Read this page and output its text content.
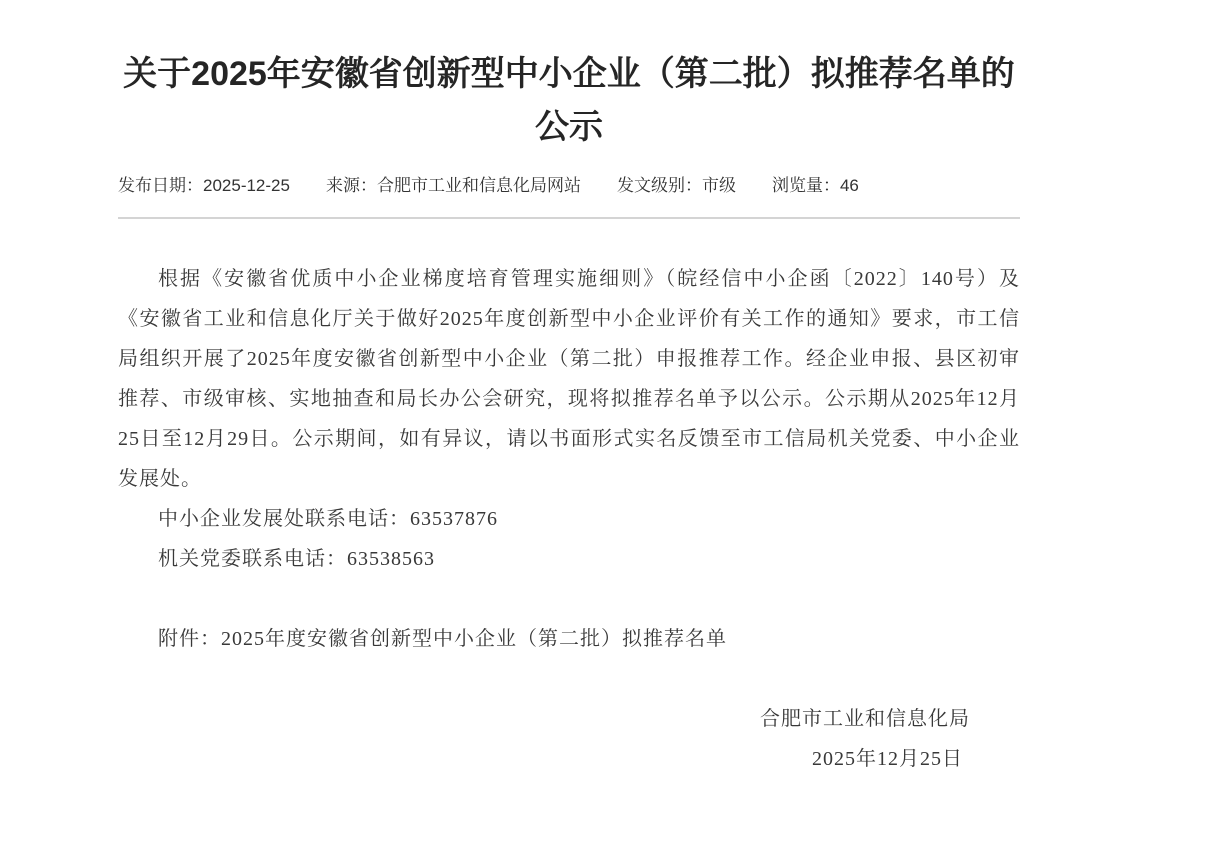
关于2025年安徽省创新型中小企业（第二批）拟推荐名单的公示
发布日期：2025-12-25 来源：合肥市工业和信息化局网站 发文级别：市级 浏览量：46

根据《安徽省优质中小企业梯度培育管理实施细则》（皖经信中小企函〔2022〕140号）及《安徽省工业和信息化厅关于做好2025年度创新型中小企业评价有关工作的通知》要求，市工信局组织开展了2025年度安徽省创新型中小企业（第二批）申报推荐工作。经企业申报、县区初审推荐、市级审核、实地抽查和局长办公会研究，现将拟推荐名单予以公示。公示期从2025年12月25日至12月29日。公示期间，如有异议，请以书面形式实名反馈至市工信局机关党委、中小企业发展处。

中小企业发展处联系电话：63537876

机关党委联系电话：63538563

附件：2025年度安徽省创新型中小企业（第二批）拟推荐名单

合肥市工业和信息化局

2025年12月25日
